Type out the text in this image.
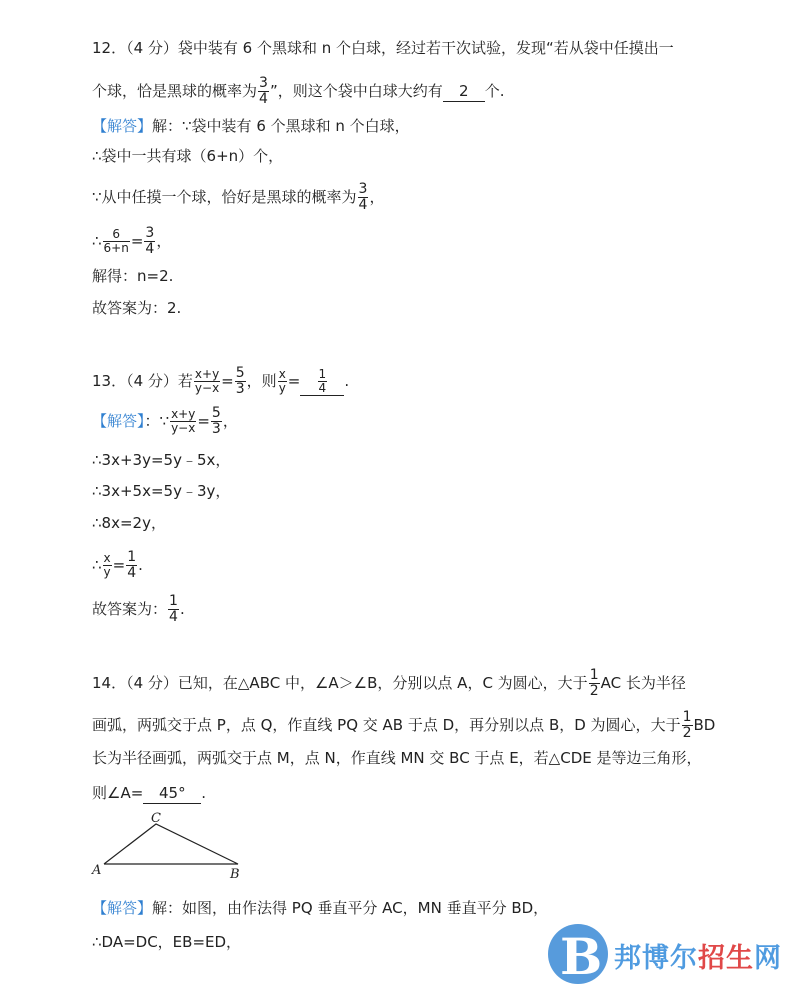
12．（4 分）袋中装有 6 个黑球和 n 个白球，经过若干次试验，发现“若从袋中任摸出一
个球，恰是黑球的概率为 $\frac{3}{4}$ ”，则这个袋中白球大约有 2 个.
【解答】解：∵袋中装有 6 个黑球和 n 个白球，
∴袋中一共有球（6+n）个，
∵从中任摸一个球，恰好是黑球的概率为 $\frac{3}{4}$ ，
∴ $\frac{6}{6+n} = \frac{3}{4}$ ，
解得：n=2.
故答案为：2.
13．（4 分）若 $\frac{x+y}{y-x} = \frac{5}{3}$ ，则 $\frac{x}{y} = \frac{1}{4}$ .
【解答】：∵ $\frac{x+y}{y-x} = \frac{5}{3}$ ，
∴3x+3y=5y﹣5x，
∴3x+5x=5y﹣3y，
∴8x=2y，
∴ $\frac{x}{y} = \frac{1}{4}$ .
故答案为： $\frac{1}{4}$ .
14．（4 分）已知，在△ABC 中，∠A＞∠B，分别以点 A，C 为圆心，大于 $\frac{1}{2}$ AC 长为半径
画弧，两弧交于点 P，点 Q，作直线 PQ 交 AB 于点 D，再分别以点 B，D 为圆心，大于 $\frac{1}{2}$ BD
长为半径画弧，两弧交于点 M，点 N，作直线 MN 交 BC 于点 E，若△CDE 是等边三角形，
则∠A= 45° .
A	B
C
【解答】解：如图，由作法得 PQ 垂直平分 AC，MN 垂直平分 BD，
∴DA=DC，EB=ED，	B 邦博尔招生网
